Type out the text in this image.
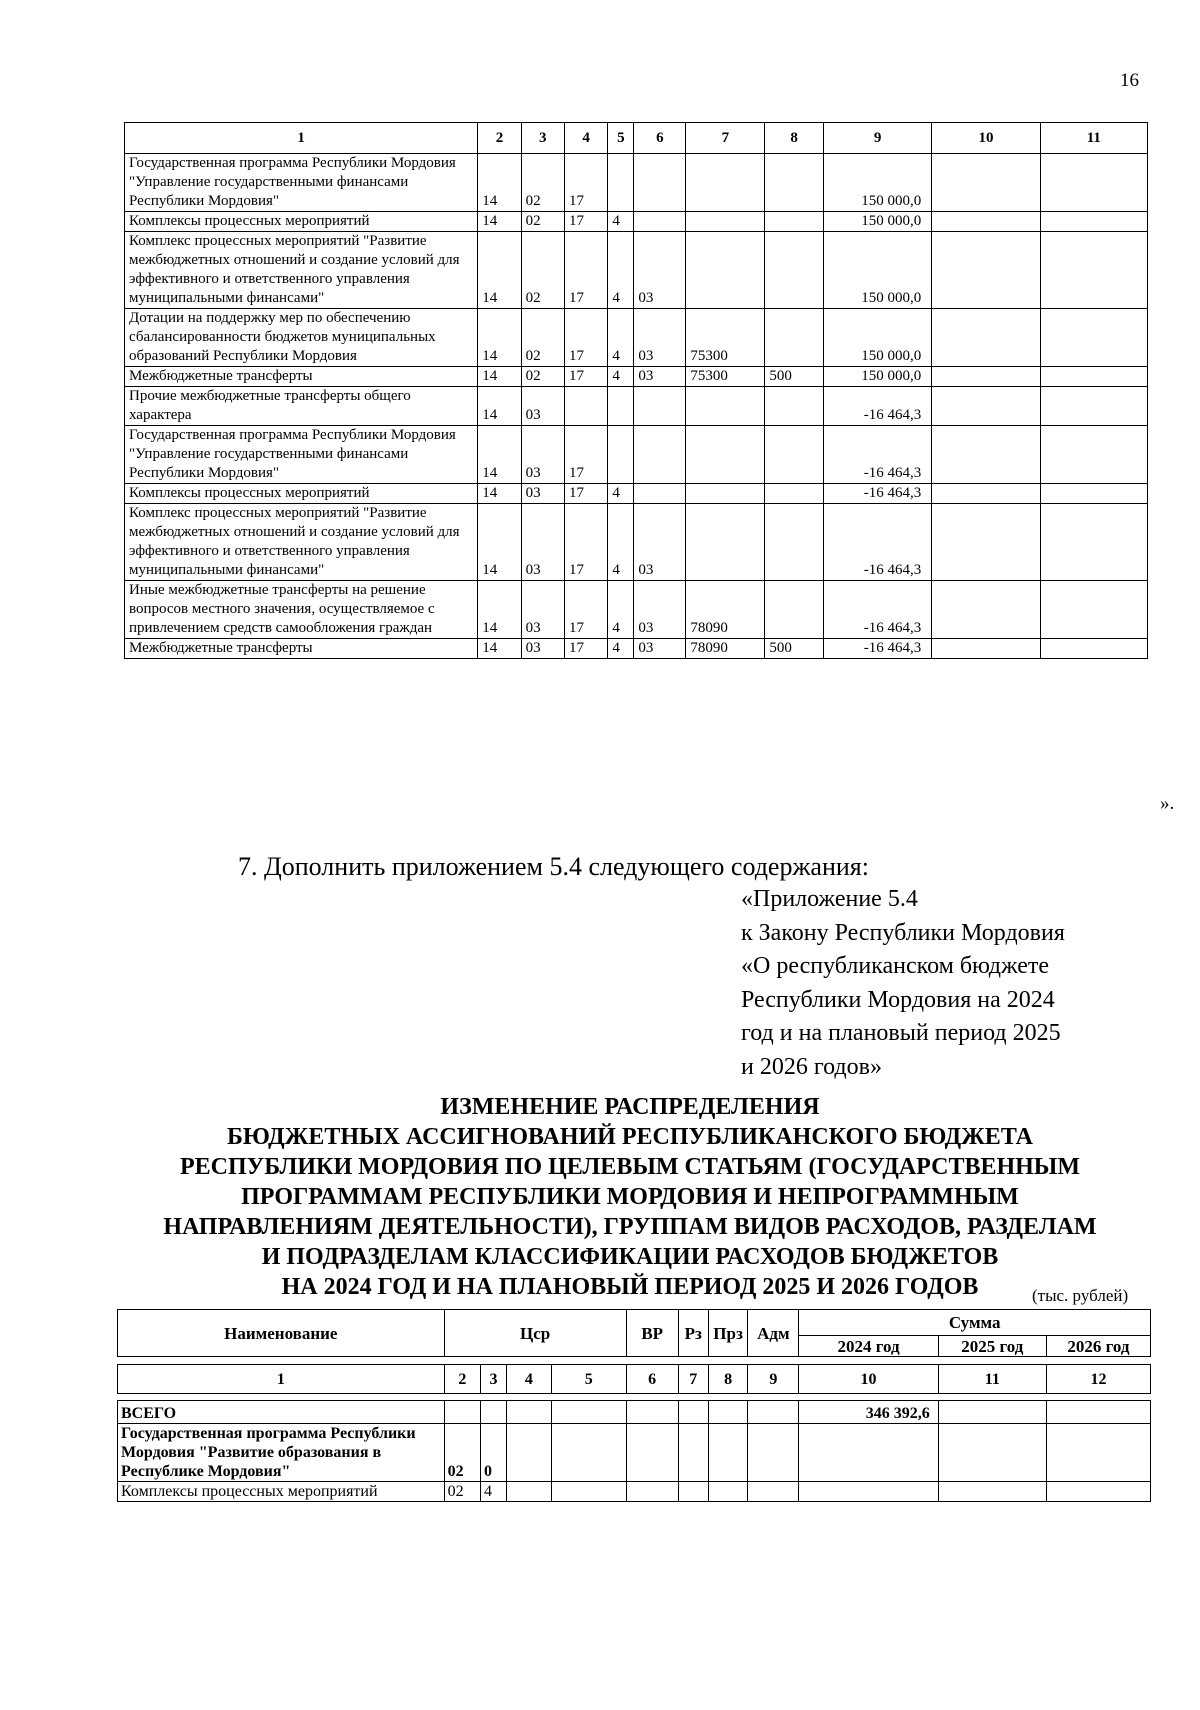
16
1	2	3	4	5	6	7	8	9	10	11
Государственная программа Республики Мордовия "Управление государственными финансами Республики Мордовия"	14	02	17					150 000,0		
Комплексы процессных мероприятий	14	02	17	4				150 000,0		
Комплекс процессных мероприятий "Развитие межбюджетных отношений и создание условий для эффективного и ответственного управления муниципальными финансами"	14	02	17	4	03			150 000,0		
Дотации на поддержку мер по обеспечению сбалансированности бюджетов муниципальных образований Республики Мордовия	14	02	17	4	03	75300		150 000,0		
Межбюджетные трансферты	14	02	17	4	03	75300	500	150 000,0		
Прочие межбюджетные трансферты общего характера	14	03						-16 464,3		
Государственная программа Республики Мордовия "Управление государственными финансами Республики Мордовия"	14	03	17					-16 464,3		
Комплексы процессных мероприятий	14	03	17	4				-16 464,3		
Комплекс процессных мероприятий "Развитие межбюджетных отношений и создание условий для эффективного и ответственного управления муниципальными финансами"	14	03	17	4	03			-16 464,3		
Иные межбюджетные трансферты на решение вопросов местного значения, осуществляемое с привлечением средств самообложения граждан	14	03	17	4	03	78090		-16 464,3		
Межбюджетные трансферты	14	03	17	4	03	78090	500	-16 464,3		
».
7. Дополнить приложением 5.4 следующего содержания:
«Приложение 5.4
к Закону Республики Мордовия
«О республиканском бюджете
Республики Мордовия на 2024
год и на плановый период 2025
и 2026 годов»
ИЗМЕНЕНИЕ РАСПРЕДЕЛЕНИЯ
БЮДЖЕТНЫХ АССИГНОВАНИЙ РЕСПУБЛИКАНСКОГО БЮДЖЕТА
РЕСПУБЛИКИ МОРДОВИЯ ПО ЦЕЛЕВЫМ СТАТЬЯМ (ГОСУДАРСТВЕННЫМ
ПРОГРАММАМ РЕСПУБЛИКИ МОРДОВИЯ И НЕПРОГРАММНЫМ
НАПРАВЛЕНИЯМ ДЕЯТЕЛЬНОСТИ), ГРУППАМ ВИДОВ РАСХОДОВ, РАЗДЕЛАМ
И ПОДРАЗДЕЛАМ КЛАССИФИКАЦИИ РАСХОДОВ БЮДЖЕТОВ
НА 2024 ГОД И НА ПЛАНОВЫЙ ПЕРИОД 2025 И 2026 ГОДОВ	(тыс. рублей)
Наименование	Цср	ВР	Рз	Прз	Адм	Сумма		
						2024 год	2025 год	2026 год
1	2	3	4	5	6	7	8	9	10	11	12

ВСЕГО									346 392,6		
Государственная программа Республики Мордовия "Развитие образования в Республике Мордовия"	02	0									
Комплексы процессных мероприятий	02	4									
